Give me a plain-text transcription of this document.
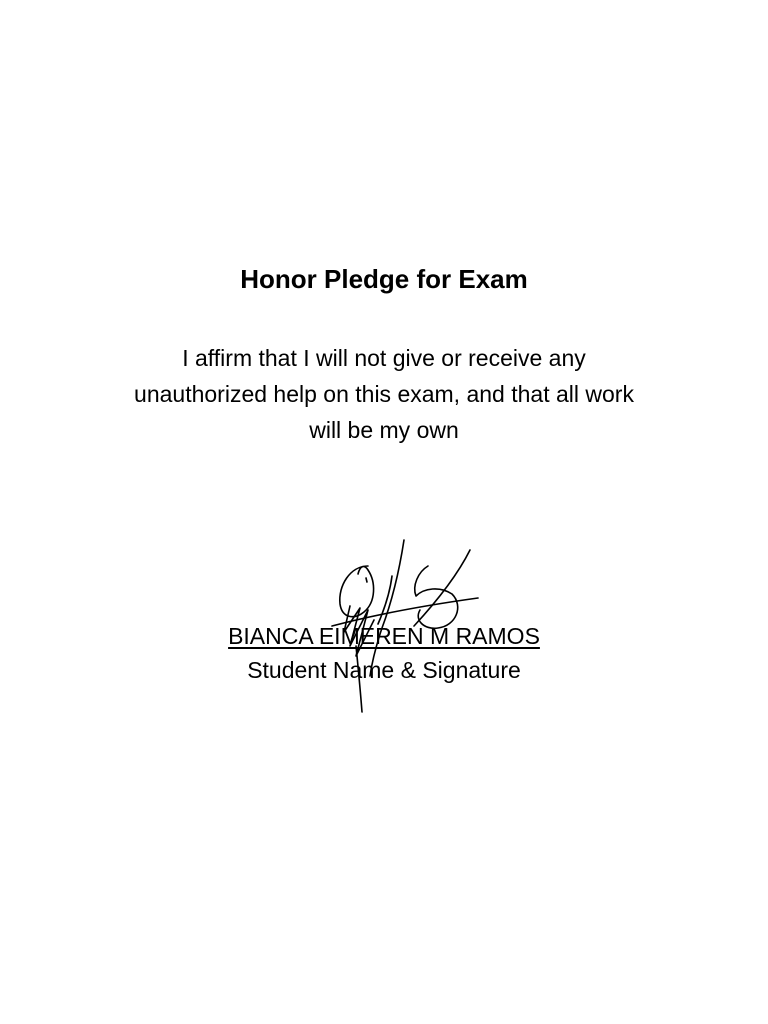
Honor Pledge for Exam
I affirm that I will not give or receive any
unauthorized help on this exam, and that all work
will be my own
BIANCA EIMEREN M RAMOS
Student Name & Signature
